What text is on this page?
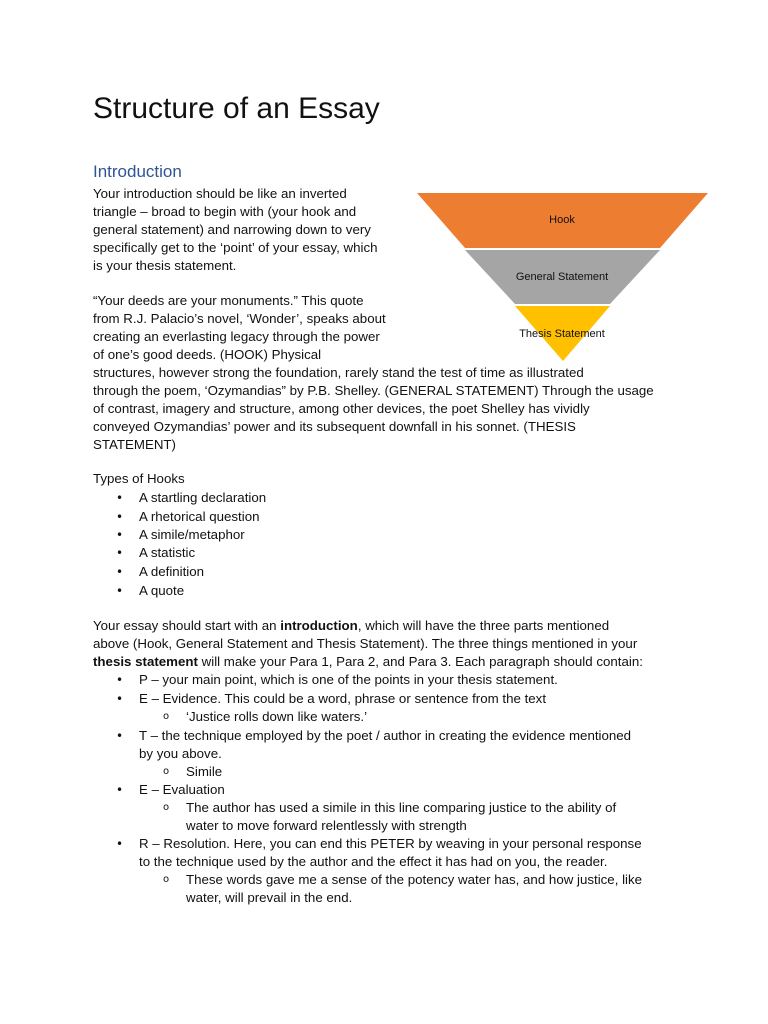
Structure of an Essay
Introduction
Your introduction should be like an inverted
triangle – broad to begin with (your hook and
general statement) and narrowing down to very
specifically get to the ‘point’ of your essay, which
is your thesis statement.
“Your deeds are your monuments.” This quote
from R.J. Palacio’s novel, ‘Wonder’, speaks about
creating an everlasting legacy through the power
of one’s good deeds. (HOOK) Physical
structures, however strong the foundation, rarely stand the test of time as illustrated
through the poem, ‘Ozymandias” by P.B. Shelley. (GENERAL STATEMENT) Through the usage
of contrast, imagery and structure, among other devices, the poet Shelley has vividly
conveyed Ozymandias’ power and its subsequent downfall in his sonnet. (THESIS
STATEMENT)
Hook
General Statement
Thesis Statement
Types of Hooks
• A startling declaration
• A rhetorical question
• A simile/metaphor
• A statistic
• A definition
• A quote
Your essay should start with an introduction, which will have the three parts mentioned
above (Hook, General Statement and Thesis Statement). The three things mentioned in your
thesis statement will make your Para 1, Para 2, and Para 3. Each paragraph should contain:
• P – your main point, which is one of the points in your thesis statement.
• E – Evidence. This could be a word, phrase or sentence from the text
o ‘Justice rolls down like waters.’
• T – the technique employed by the poet / author in creating the evidence mentioned
by you above.
o Simile
• E – Evaluation
o The author has used a simile in this line comparing justice to the ability of
water to move forward relentlessly with strength
• R – Resolution. Here, you can end this PETER by weaving in your personal response
to the technique used by the author and the effect it has had on you, the reader.
o These words gave me a sense of the potency water has, and how justice, like
water, will prevail in the end.
